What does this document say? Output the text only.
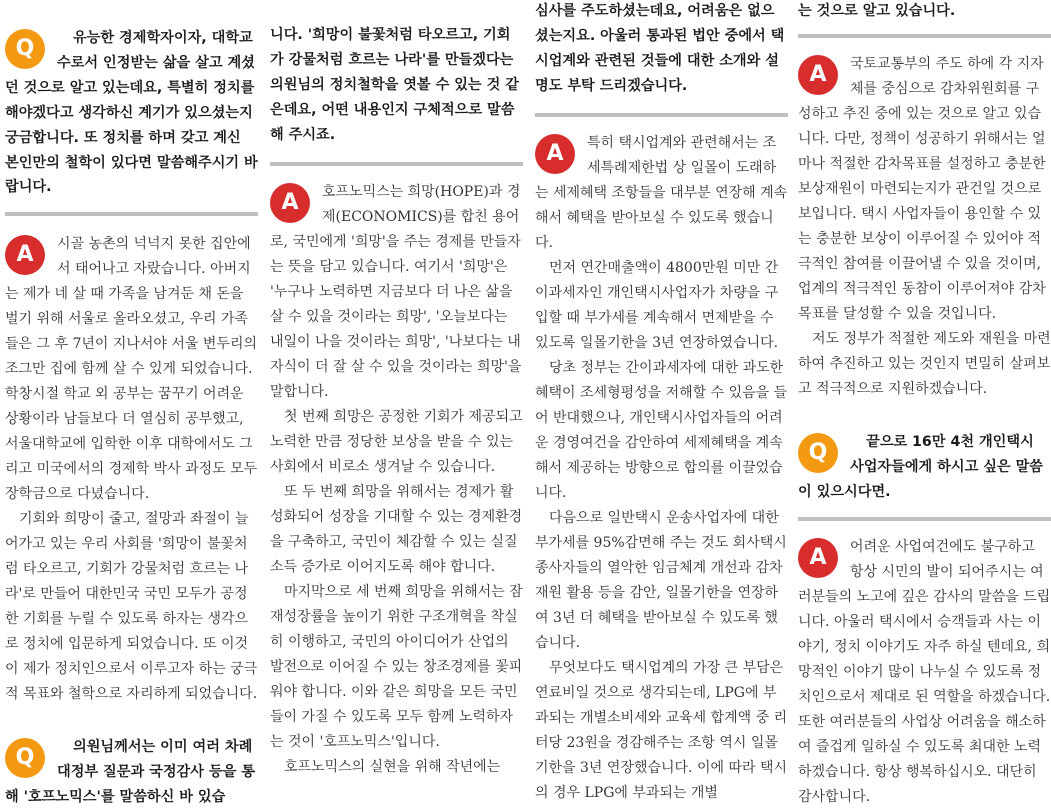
Q	유능한 경제학자이자, 대학교수로서 인정받는 삶을 살고 계셨던 것으로 알고 있는데요, 특별히 정치를 해야겠다고 생각하신 계기가 있으셨는지 궁금합니다. 또 정치를 하며 갖고 계신 본인만의 철학이 있다면 말씀해주시기 바랍니다.

A	시골 농촌의 넉넉지 못한 집안에서 태어나고 자랐습니다. 아버지는 제가 네 살 때 가족을 남겨둔 채 돈을 벌기 위해 서울로 올라오셨고, 우리 가족들은 그 후 7년이 지나서야 서울 변두리의 조그만 집에 함께 살 수 있게 되었습니다. 학창시절 학교 외 공부는 꿈꾸기 어려운 상황이라 남들보다 더 열심히 공부했고, 서울대학교에 입학한 이후 대학에서도 그리고 미국에서의 경제학 박사 과정도 모두 장학금으로 다녔습니다.

기회와 희망이 줄고, 절망과 좌절이 늘어가고 있는 우리 사회를 '희망이 불꽃처럼 타오르고, 기회가 강물처럼 흐르는 나라'로 만들어 대한민국 국민 모두가 공정한 기회를 누릴 수 있도록 하자는 생각으로 정치에 입문하게 되었습니다. 또 이것이 제가 정치인으로서 이루고자 하는 궁극적 목표와 철학으로 자리하게 되었습니다.

Q	의원님께서는 이미 여러 차례 대정부 질문과 국정감사 등을 통해 '호프노믹스'를 말씀하신 바 있습

니다. '희망이 불꽃처럼 타오르고, 기회가 강물처럼 흐르는 나라'를 만들겠다는 의원님의 정치철학을 엿볼 수 있는 것 같은데요, 어떤 내용인지 구체적으로 말씀해 주시죠.

A	호프노믹스는 희망(HOPE)과 경제(ECONOMICS)를 합친 용어로, 국민에게 '희망'을 주는 경제를 만들자는 뜻을 담고 있습니다. 여기서 '희망'은 '누구나 노력하면 지금보다 더 나은 삶을 살 수 있을 것이라는 희망', '오늘보다는 내일이 나을 것이라는 희망', '나보다는 내 자식이 더 잘 살 수 있을 것이라는 희망'을 말합니다.

첫 번째 희망은 공정한 기회가 제공되고 노력한 만큼 정당한 보상을 받을 수 있는 사회에서 비로소 생겨날 수 있습니다.

또 두 번째 희망을 위해서는 경제가 활성화되어 성장을 기대할 수 있는 경제환경을 구축하고, 국민이 체감할 수 있는 실질소득 증가로 이어지도록 해야 합니다.

마지막으로 세 번째 희망을 위해서는 잠재성장률을 높이기 위한 구조개혁을 착실히 이행하고, 국민의 아이디어가 산업의 발전으로 이어질 수 있는 창조경제를 꽃피워야 합니다. 이와 같은 희망을 모든 국민들이 가질 수 있도록 모두 함께 노력하자는 것이 '호프노믹스'입니다.

호프노믹스의 실현을 위해 작년에는

심사를 주도하셨는데요, 어려움은 없으셨는지요. 아울러 통과된 법안 중에서 택시업계와 관련된 것들에 대한 소개와 설명도 부탁 드리겠습니다.

A	특히 택시업계와 관련해서는 조세특례제한법 상 일몰이 도래하는 세제혜택 조항들을 대부분 연장해 계속해서 혜택을 받아보실 수 있도록 했습니다.

먼저 연간매출액이 4800만원 미만 간이과세자인 개인택시사업자가 차량을 구입할 때 부가세를 계속해서 면제받을 수 있도록 일몰기한을 3년 연장하였습니다.

당초 정부는 간이과세자에 대한 과도한 혜택이 조세형평성을 저해할 수 있음을 들어 반대했으나, 개인택시사업자들의 어려운 경영여건을 감안하여 세제혜택을 계속해서 제공하는 방향으로 합의를 이끌었습니다.

다음으로 일반택시 운송사업자에 대한 부가세를 95%감면해 주는 것도 회사택시 종사자들의 열악한 임금체계 개선과 감차재원 활용 등을 감안, 일몰기한을 연장하여 3년 더 혜택을 받아보실 수 있도록 했습니다.

무엇보다도 택시업계의 가장 큰 부담은 연료비일 것으로 생각되는데, LPG에 부과되는 개별소비세와 교육세 합계액 중 리터당 23원을 경감해주는 조항 역시 일몰기한을 3년 연장했습니다. 이에 따라 택시의 경우 LPG에 부과되는 개별

는 것으로 알고 있습니다.

A	국토교통부의 주도 하에 각 지자체를 중심으로 감차위원회를 구성하고 추진 중에 있는 것으로 알고 있습니다. 다만, 정책이 성공하기 위해서는 얼마나 적절한 감차목표를 설정하고 충분한 보상재원이 마련되는지가 관건일 것으로 보입니다. 택시 사업자들이 용인할 수 있는 충분한 보상이 이루어질 수 있어야 적극적인 참여를 이끌어낼 수 있을 것이며, 업계의 적극적인 동참이 이루어져야 감차목표를 달성할 수 있을 것입니다.

저도 정부가 적절한 제도와 재원을 마련하여 추진하고 있는 것인지 면밀히 살펴보고 적극적으로 지원하겠습니다.

Q	끝으로 16만 4천 개인택시 사업자들에게 하시고 싶은 말씀이 있으시다면.

A	어려운 사업여건에도 불구하고 항상 시민의 발이 되어주시는 여러분들의 노고에 깊은 감사의 말씀을 드립니다. 아울러 택시에서 승객들과 사는 이야기, 정치 이야기도 자주 하실 텐데요, 희망적인 이야기 많이 나누실 수 있도록 정치인으로서 제대로 된 역할을 하겠습니다. 또한 여러분들의 사업상 어려움을 해소하여 즐겁게 일하실 수 있도록 최대한 노력하겠습니다. 항상 행복하십시오. 대단히 감사합니다.
